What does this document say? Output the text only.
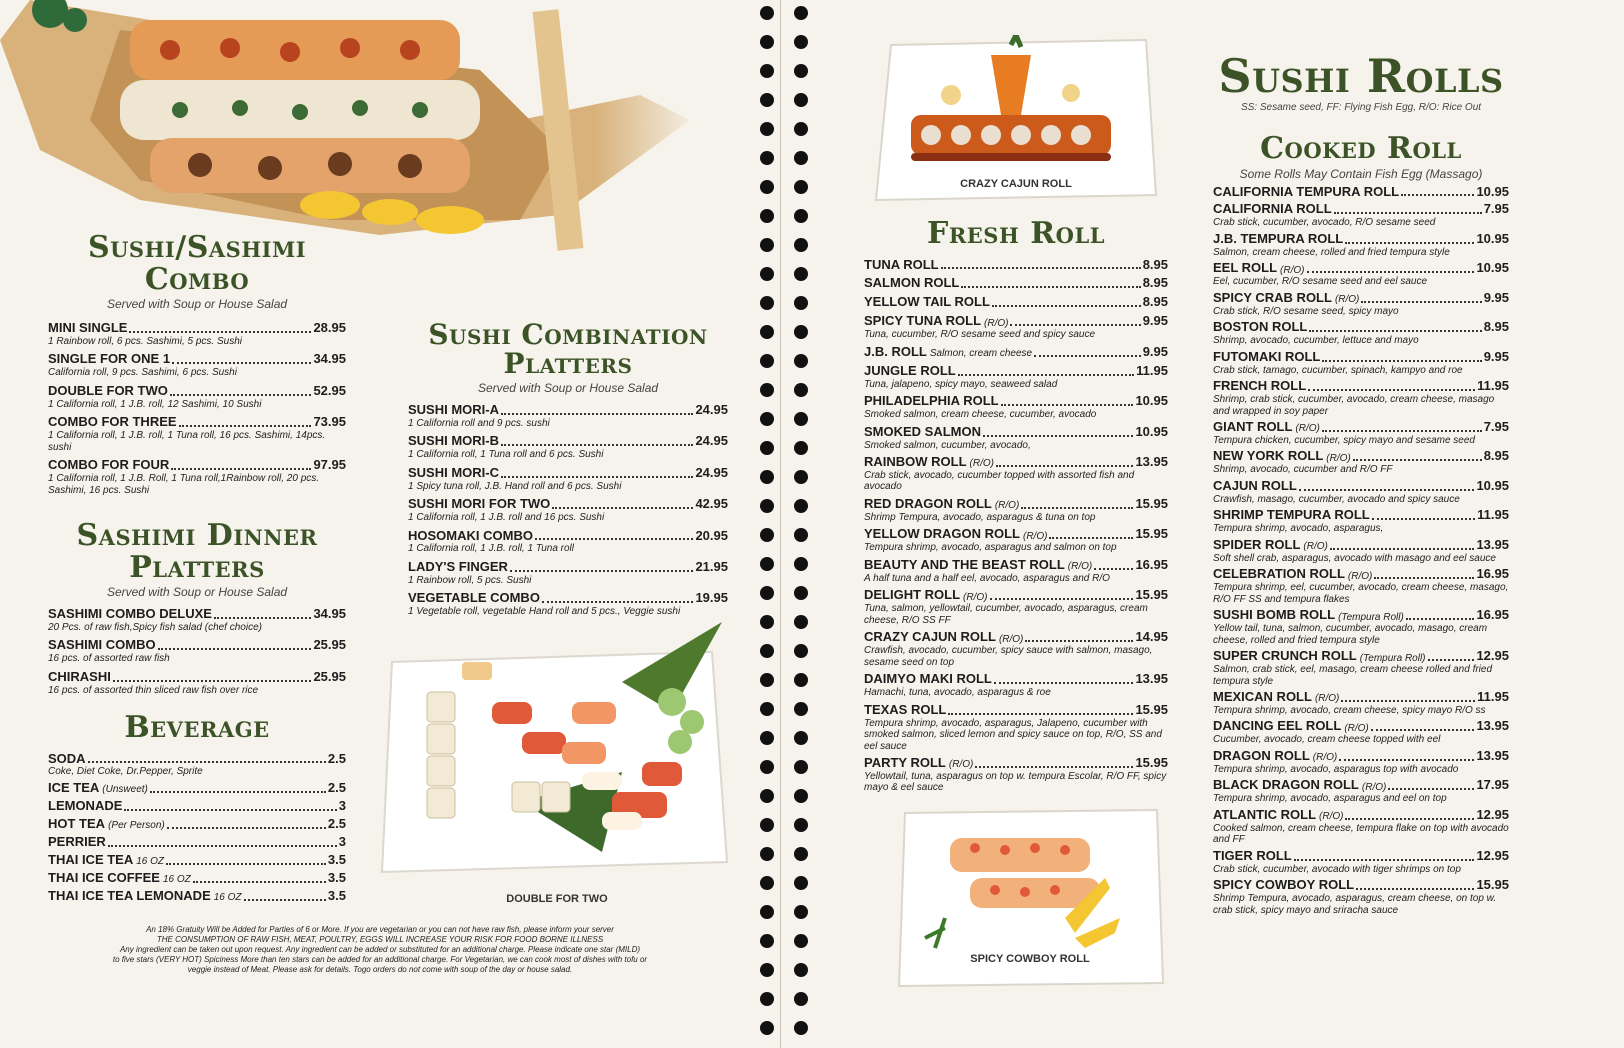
Sushi/Sashimi
Combo
Served with Soup or House Salad
MINI SINGLE	28.95
1 Rainbow roll, 6 pcs. Sashimi, 5 pcs. Sushi
SINGLE FOR ONE 1	34.95
California roll, 9 pcs. Sashimi, 6 pcs. Sushi
DOUBLE FOR TWO	52.95
1 California roll, 1 J.B. roll, 12 Sashimi, 10 Sushi
COMBO FOR THREE	73.95
1 California roll, 1 J.B. roll, 1 Tuna roll, 16 pcs. Sashimi, 14pcs. sushi
COMBO FOR FOUR	97.95
1 California roll, 1 J.B. Roll, 1 Tuna roll,1Rainbow roll, 20 pcs. Sashimi, 16 pcs. Sushi
Sashimi Dinner
Platters
Served with Soup or House Salad
SASHIMI COMBO DELUXE	34.95
20 Pcs. of raw fish,Spicy fish salad (chef choice)
SASHIMI COMBO	25.95
16 pcs. of assorted raw fish
CHIRASHI	25.95
16 pcs. of assorted thin sliced raw fish over rice
Beverage
SODA	2.5
Coke, Diet Coke, Dr.Pepper, Sprite
ICE TEA (Unsweet)	2.5
LEMONADE	3
HOT TEA (Per Person)	2.5
PERRIER	3
THAI ICE TEA 16 OZ	3.5
THAI ICE COFFEE 16 OZ	3.5
THAI ICE TEA LEMONADE 16 OZ	3.5
Sushi Combination
Platters
Served with Soup or House Salad
SUSHI MORI-A	24.95
1 California roll and 9 pcs. sushi
SUSHI MORI-B	24.95
1 California roll, 1 Tuna roll and 6 pcs. Sushi
SUSHI MORI-C	24.95
1 Spicy tuna roll, J.B. Hand roll and 6 pcs. Sushi
SUSHI MORI FOR TWO	42.95
1 California roll, 1 J.B. roll and 16 pcs. Sushi
HOSOMAKI COMBO	20.95
1 California roll, 1 J.B. roll, 1 Tuna roll
LADY'S FINGER	21.95
1 Rainbow roll, 5 pcs. Sushi
VEGETABLE COMBO	19.95
1 Vegetable roll, vegetable Hand roll and 5 pcs., Veggie sushi
DOUBLE FOR TWO
An 18% Gratuity Will be Added for Parties of 6 or More. If you are vegetarian or you can not have raw fish, please inform your server
THE CONSUMPTION OF RAW FISH, MEAT, POULTRY, EGGS WILL INCREASE YOUR RISK FOR FOOD BORNE ILLNESS
Any ingredient can be taken out upon request. Any ingredient can be added or substituted for an additional charge. Please indicate one star (MILD)
to five stars (VERY HOT) Spiciness More than ten stars can be added for an additional charge. For Vegetarian, we can cook most of dishes with tofu or
veggie instead of Meat. Please ask for details. Togo orders do not come with soup of the day or house salad.
CRAZY CAJUN ROLL
Fresh Roll
TUNA ROLL	8.95
SALMON ROLL	8.95
YELLOW TAIL ROLL	8.95
SPICY TUNA ROLL (R/O)	9.95
Tuna, cucumber, R/O sesame seed and spicy sauce
J.B. ROLL Salmon, cream cheese	9.95
JUNGLE ROLL	11.95
Tuna, jalapeno, spicy mayo, seaweed salad
PHILADELPHIA ROLL	10.95
Smoked salmon, cream cheese, cucumber, avocado
SMOKED SALMON	10.95
Smoked salmon, cucumber, avocado,
RAINBOW ROLL (R/O)	13.95
Crab stick, avocado, cucumber topped with assorted fish and avocado
RED DRAGON ROLL (R/O)	15.95
Shrimp Tempura, avocado, asparagus & tuna on top
YELLOW DRAGON ROLL (R/O)	15.95
Tempura shrimp, avocado, asparagus and salmon on top
BEAUTY AND THE BEAST ROLL (R/O)	16.95
A half tuna and a half eel, avocado, asparagus and R/O
DELIGHT ROLL (R/O)	15.95
Tuna, salmon, yellowtail, cucumber, avocado, asparagus, cream cheese, R/O SS FF
CRAZY CAJUN ROLL (R/O)	14.95
Crawfish, avocado, cucumber, spicy sauce with salmon, masago, sesame seed on top
DAIMYO MAKI ROLL	13.95
Hamachi, tuna, avocado, asparagus & roe
TEXAS ROLL	15.95
Tempura shrimp, avocado, asparagus, Jalapeno, cucumber with smoked salmon, sliced lemon and spicy sauce on top, R/O, SS and eel sauce
PARTY ROLL (R/O)	15.95
Yellowtail, tuna, asparagus on top w. tempura Escolar, R/O FF, spicy mayo & eel sauce
SPICY COWBOY ROLL
Sushi Rolls
SS: Sesame seed, FF: Flying Fish Egg, R/O: Rice Out
Cooked Roll
Some Rolls May Contain Fish Egg (Massago)
CALIFORNIA TEMPURA ROLL	10.95
CALIFORNIA ROLL	7.95
Crab stick, cucumber, avocado, R/O sesame seed
J.B. TEMPURA ROLL	10.95
Salmon, cream cheese, rolled and fried tempura style
EEL ROLL (R/O)	10.95
Eel, cucumber, R/O sesame seed and eel sauce
SPICY CRAB ROLL (R/O)	9.95
Crab stick, R/O sesame seed, spicy mayo
BOSTON ROLL	8.95
Shrimp, avocado, cucumber, lettuce and mayo
FUTOMAKI ROLL	9.95
Crab stick, tamago, cucumber, spinach, kampyo and roe
FRENCH ROLL	11.95
Shrimp, crab stick, cucumber, avocado, cream cheese, masago and wrapped in soy paper
GIANT ROLL (R/O)	7.95
Tempura chicken, cucumber, spicy mayo and sesame seed
NEW YORK ROLL (R/O)	8.95
Shrimp, avocado, cucumber and R/O FF
CAJUN ROLL	10.95
Crawfish, masago, cucumber, avocado and spicy sauce
SHRIMP TEMPURA ROLL	11.95
Tempura shrimp, avocado, asparagus,
SPIDER ROLL (R/O)	13.95
Soft shell crab, asparagus, avocado with masago and eel sauce
CELEBRATION ROLL (R/O)	16.95
Tempura shrimp, eel, cucumber, avocado, cream cheese, masago, R/O FF SS and tempura flakes
SUSHI BOMB ROLL (Tempura Roll)	16.95
Yellow tail, tuna, salmon, cucumber, avocado, masago, cream cheese, rolled and fried tempura style
SUPER CRUNCH ROLL (Tempura Roll)	12.95
Salmon, crab stick, eel, masago, cream cheese rolled and fried tempura style
MEXICAN ROLL (R/O)	11.95
Tempura shrimp, avocado, cream cheese, spicy mayo R/O ss
DANCING EEL ROLL (R/O)	13.95
Cucumber, avocado, cream cheese topped with eel
DRAGON ROLL (R/O)	13.95
Tempura shrimp, avocado, asparagus top with avocado
BLACK DRAGON ROLL (R/O)	17.95
Tempura shrimp, avocado, asparagus and eel on top
ATLANTIC ROLL (R/O)	12.95
Cooked salmon, cream cheese, tempura flake on top with avocado and FF
TIGER ROLL	12.95
Crab stick, cucumber, avocado with tiger shrimps on top
SPICY COWBOY ROLL	15.95
Shrimp Tempura, avocado, asparagus, cream cheese, on top w. crab stick, spicy mayo and sriracha sauce
